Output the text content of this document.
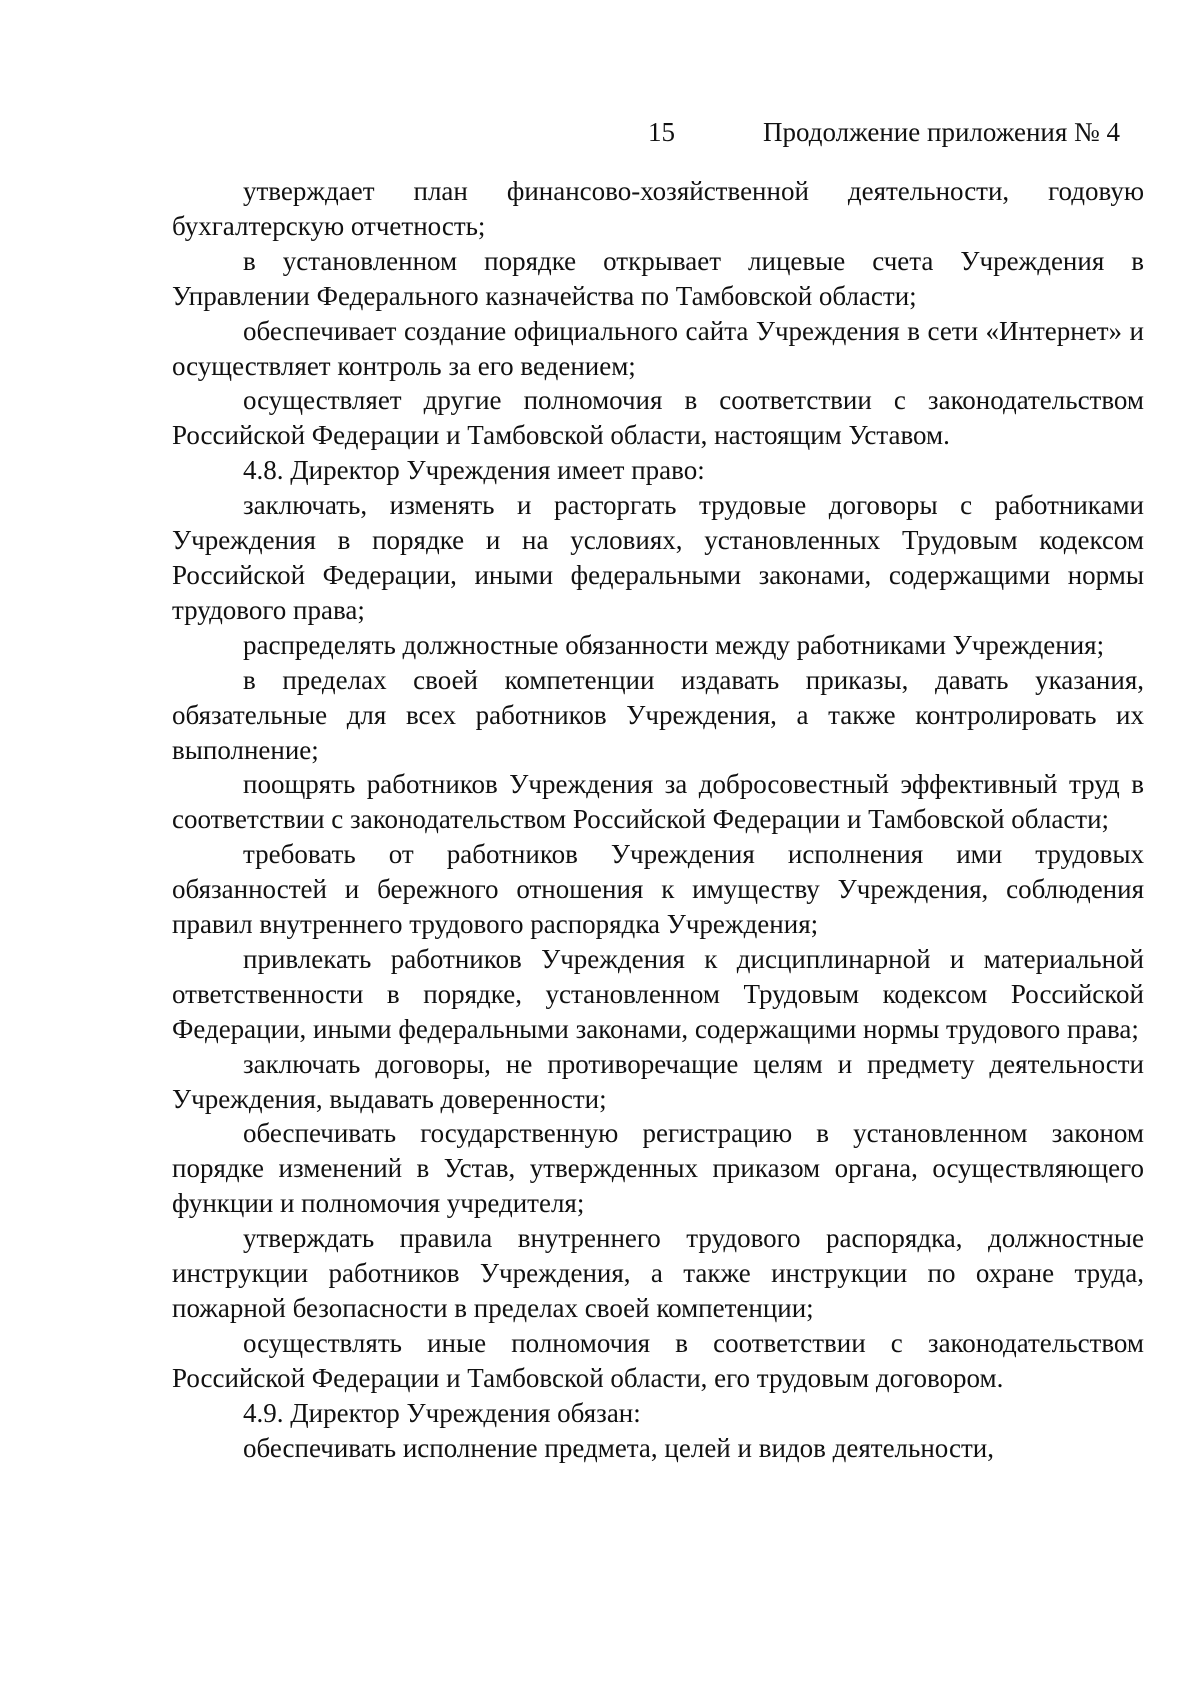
15	Продолжение приложения № 4

утверждает план финансово-хозяйственной деятельности, годовую бухгалтерскую отчетность;

в установленном порядке открывает лицевые счета Учреждения в Управлении Федерального казначейства по Тамбовской области;

обеспечивает создание официального сайта Учреждения в сети «Интернет» и осуществляет контроль за его ведением;

осуществляет другие полномочия в соответствии с законодательством Российской Федерации и Тамбовской области, настоящим Уставом.

4.8. Директор Учреждения имеет право:

заключать, изменять и расторгать трудовые договоры с работниками Учреждения в порядке и на условиях, установленных Трудовым кодексом Российской Федерации, иными федеральными законами, содержащими нормы трудового права;

распределять должностные обязанности между работниками Учреждения;

в пределах своей компетенции издавать приказы, давать указания, обязательные для всех работников Учреждения, а также контролировать их выполнение;

поощрять работников Учреждения за добросовестный эффективный труд в соответствии с законодательством Российской Федерации и Тамбовской области;

требовать от работников Учреждения исполнения ими трудовых обязанностей и бережного отношения к имуществу Учреждения, соблюдения правил внутреннего трудового распорядка Учреждения;

привлекать работников Учреждения к дисциплинарной и материальной ответственности в порядке, установленном Трудовым кодексом Российской Федерации, иными федеральными законами, содержащими нормы трудового права;

заключать договоры, не противоречащие целям и предмету деятельности Учреждения, выдавать доверенности;

обеспечивать государственную регистрацию в установленном законом порядке изменений в Устав, утвержденных приказом органа, осуществляющего функции и полномочия учредителя;

утверждать правила внутреннего трудового распорядка, должностные инструкции работников Учреждения, а также инструкции по охране труда, пожарной безопасности в пределах своей компетенции;

осуществлять иные полномочия в соответствии с законодательством Российской Федерации и Тамбовской области, его трудовым договором.

4.9. Директор Учреждения обязан:

обеспечивать исполнение предмета, целей и видов деятельности,
